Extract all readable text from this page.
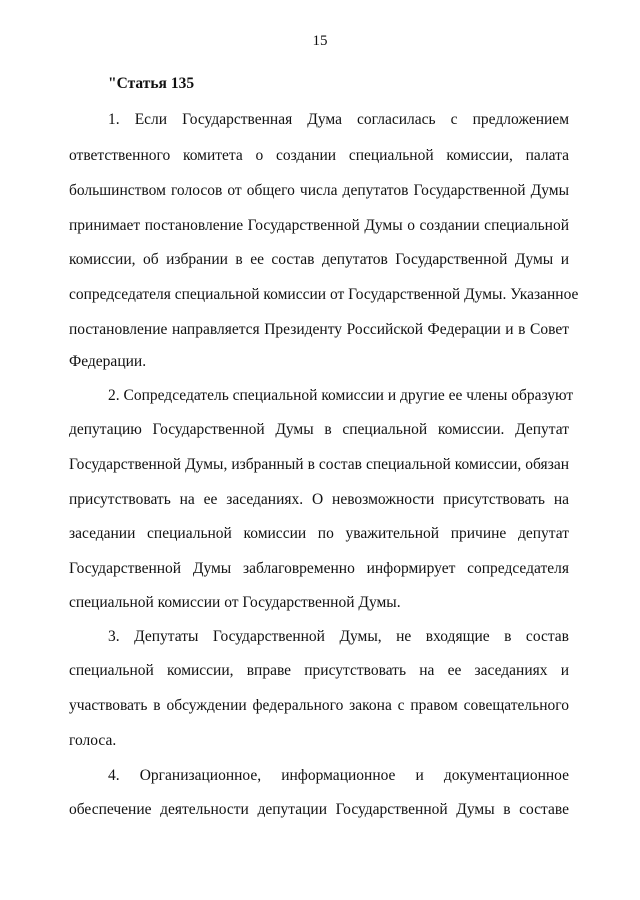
15
"Статья 135
1. Если Государственная Дума согласилась с предложением
ответственного комитета о создании специальной комиссии, палата
большинством голосов от общего числа депутатов Государственной Думы
принимает постановление Государственной Думы о создании специальной
комиссии, об избрании в ее состав депутатов Государственной Думы и
сопредседателя специальной комиссии от Государственной Думы. Указанное
постановление направляется Президенту Российской Федерации и в Совет
Федерации.
2. Сопредседатель специальной комиссии и другие ее члены образуют
депутацию Государственной Думы в специальной комиссии. Депутат
Государственной Думы, избранный в состав специальной комиссии, обязан
присутствовать на ее заседаниях. О невозможности присутствовать на
заседании специальной комиссии по уважительной причине депутат
Государственной Думы заблаговременно информирует сопредседателя
специальной комиссии от Государственной Думы.
3. Депутаты Государственной Думы, не входящие в состав
специальной комиссии, вправе присутствовать на ее заседаниях и
участвовать в обсуждении федерального закона с правом совещательного
голоса.
4. Организационное, информационное и документационное
обеспечение деятельности депутации Государственной Думы в составе
